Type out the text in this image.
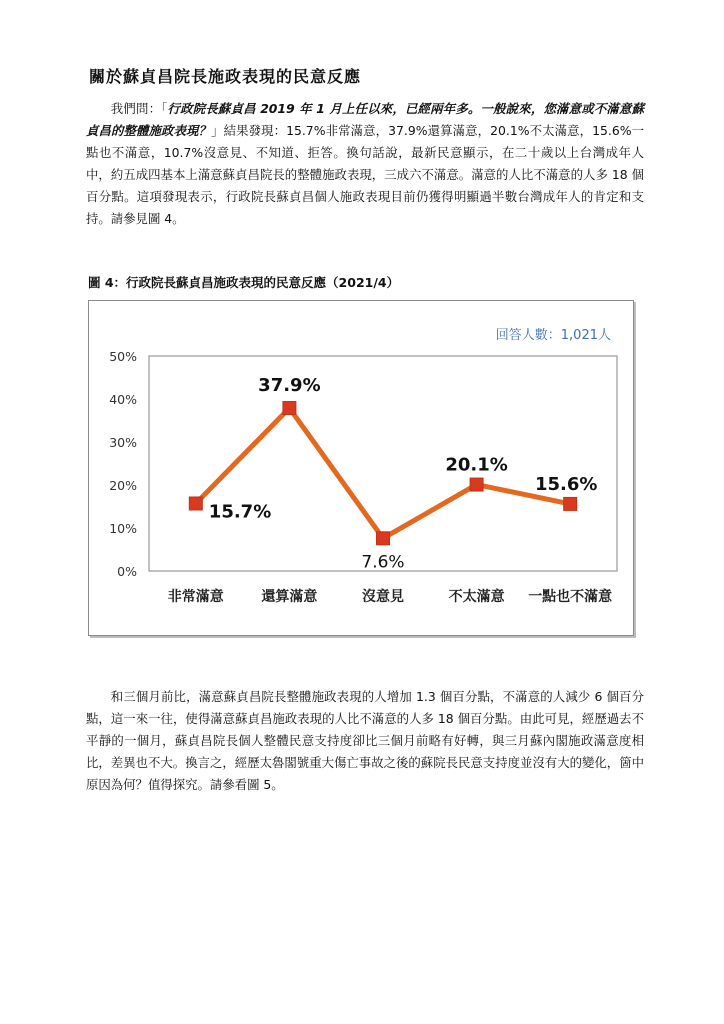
關於蘇貞昌院長施政表現的民意反應

我們問：「行政院長蘇貞昌 2019 年 1 月上任以來，已經兩年多。一般說來，您滿意或不滿意蘇貞昌的整體施政表現？」結果發現：15.7%非常滿意，37.9%還算滿意，20.1%不太滿意，15.6%一點也不滿意，10.7%沒意見、不知道、拒答。換句話說，最新民意顯示，在二十歲以上台灣成年人中，約五成四基本上滿意蘇貞昌院長的整體施政表現，三成六不滿意。滿意的人比不滿意的人多 18 個百分點。這項發現表示，行政院長蘇貞昌個人施政表現目前仍獲得明顯過半數台灣成年人的肯定和支持。請參見圖 4。

圖 4：行政院長蘇貞昌施政表現的民意反應（2021/4）

回答人數：1,021人
0%
10%
20%
30%
40%
50%
非常滿意	還算滿意	沒意見	不太滿意 一點也不滿意
15.7%
37.9%
7.6%
20.1%
15.6%

和三個月前比，滿意蘇貞昌院長整體施政表現的人增加 1.3 個百分點，不滿意的人減少 6 個百分點，這一來一往，使得滿意蘇貞昌施政表現的人比不滿意的人多 18 個百分點。由此可見，經歷過去不平靜的一個月，蘇貞昌院長個人整體民意支持度卻比三個月前略有好轉，與三月蘇內閣施政滿意度相比，差異也不大。換言之，經歷太魯閣號重大傷亡事故之後的蘇院長民意支持度並沒有大的變化，箇中原因為何？值得探究。請參看圖 5。
